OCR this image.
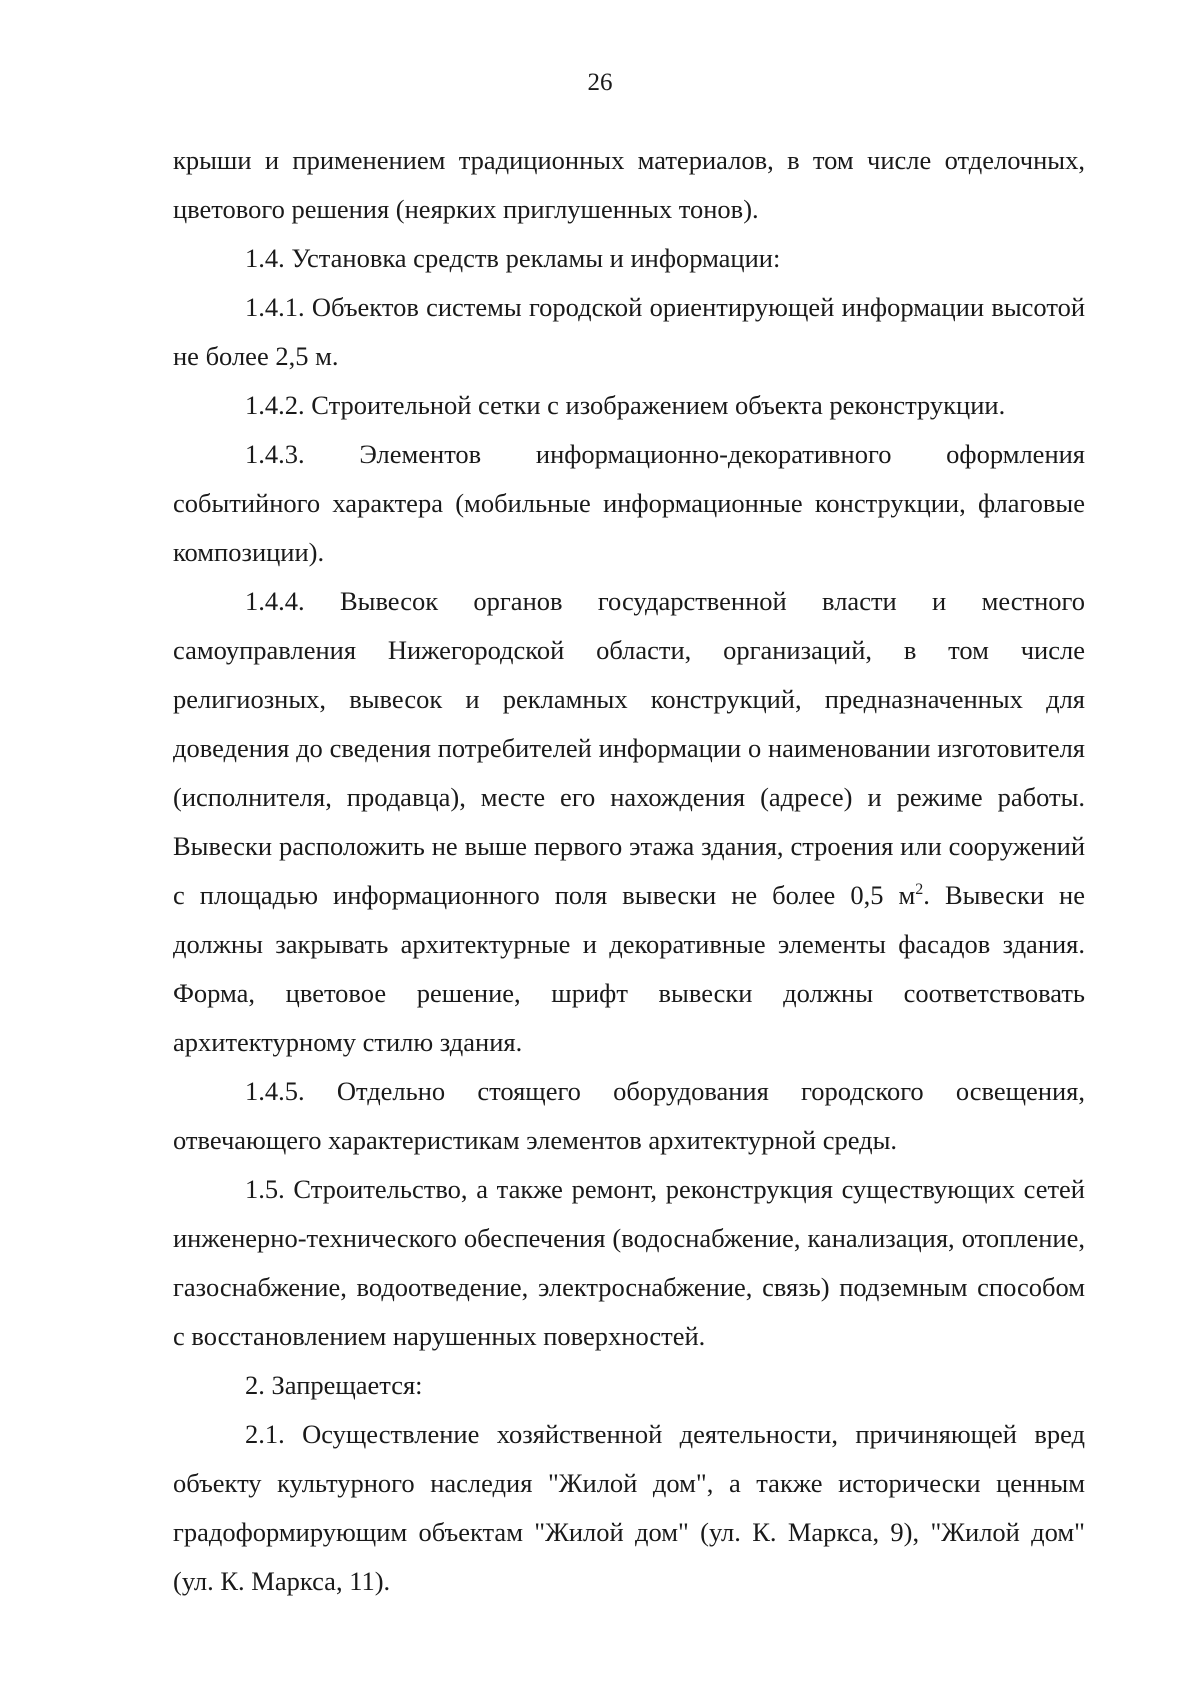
26

крыши и применением традиционных материалов, в том числе отделочных, цветового решения (неярких приглушенных тонов).

1.4. Установка средств рекламы и информации:

1.4.1. Объектов системы городской ориентирующей информации высотой не более 2,5 м.

1.4.2. Строительной сетки с изображением объекта реконструкции.

1.4.3. Элементов информационно-декоративного оформления событийного характера (мобильные информационные конструкции, флаговые композиции).

1.4.4. Вывесок органов государственной власти и местного самоуправления Нижегородской области, организаций, в том числе религиозных, вывесок и рекламных конструкций, предназначенных для доведения до сведения потребителей информации о наименовании изготовителя (исполнителя, продавца), месте его нахождения (адресе) и режиме работы. Вывески расположить не выше первого этажа здания, строения или сооружений с площадью информационного поля вывески не более 0,5 $м^2$. Вывески не должны закрывать архитектурные и декоративные элементы фасадов здания. Форма, цветовое решение, шрифт вывески должны соответствовать архитектурному стилю здания.

1.4.5. Отдельно стоящего оборудования городского освещения, отвечающего характеристикам элементов архитектурной среды.

1.5. Строительство, а также ремонт, реконструкция существующих сетей инженерно-технического обеспечения (водоснабжение, канализация, отопление, газоснабжение, водоотведение, электроснабжение, связь) подземным способом с восстановлением нарушенных поверхностей.

2. Запрещается:

2.1. Осуществление хозяйственной деятельности, причиняющей вред объекту культурного наследия "Жилой дом", а также исторически ценным градоформирующим объектам "Жилой дом" (ул. К. Маркса, 9), "Жилой дом" (ул. К. Маркса, 11).
